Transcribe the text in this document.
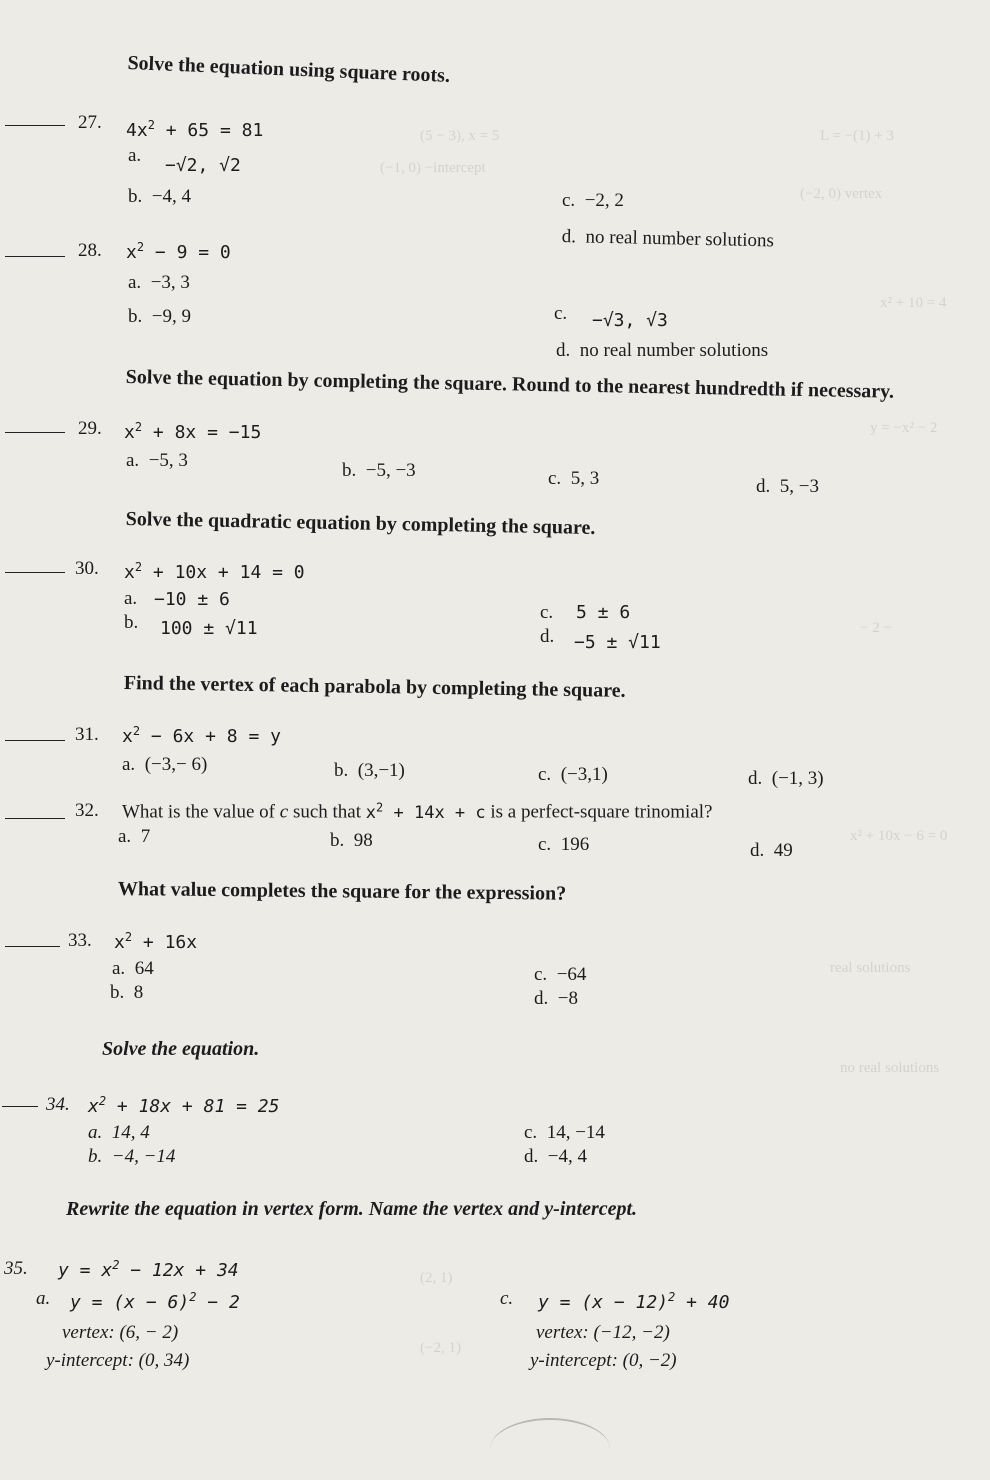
(5 − 3), x = 5
(−1, 0) −intercept
L = −(1) + 3
(−2, 0) vertex
x² + 10 = 4
y = −x² − 2
− 2 −
x² + 10x − 6 = 0
real solutions
no real solutions
(2, 1)
(−2, 1)
Solve the equation using square roots.
27. $4x^2 + 65 = 81$
a. −√2, √2
b. −4, 4	c. −2, 2
d. no real number solutions
28. $x^2 - 9 = 0$
a. −3, 3
b. −9, 9	c. −√3, √3
d. no real number solutions
Solve the equation by completing the square. Round to the nearest hundredth if necessary.
29. $x^2 + 8x = -15$
a. −5, 3	b. −5, −3	c. 5, 3	d. 5, −3
Solve the quadratic equation by completing the square.
30. $x^2 + 10x + 14 = 0$
a. −10 ± 6
b. 100 ± √11
c. 5 ± 6
d. −5 ± √11
Find the vertex of each parabola by completing the square.
31. $x^2 - 6x + 8 = y$
a. (−3,− 6)	b. (3,−1)	c. (−3,1)	d. (−1, 3)
32. What is the value of c such that $x^2 + 14x + c$ is a perfect-square trinomial?
a. 7	b. 98	c. 196	d. 49
What value completes the square for the expression?
33. $x^2 + 16x$
a. 64
b. 8
c. −64
d. −8
Solve the equation.
34. $x^2 + 18x + 81 = 25$
a. 14, 4
b. −4, −14
c. 14, −14
d. −4, 4
Rewrite the equation in vertex form. Name the vertex and y-intercept.
35. $y = x^2 - 12x + 34$
a. $y = (x - 6)^2 - 2$
vertex: (6, − 2)
y-intercept: (0, 34)
c. $y = (x - 12)^2 + 40$
vertex: (−12, −2)
y-intercept: (0, −2)
